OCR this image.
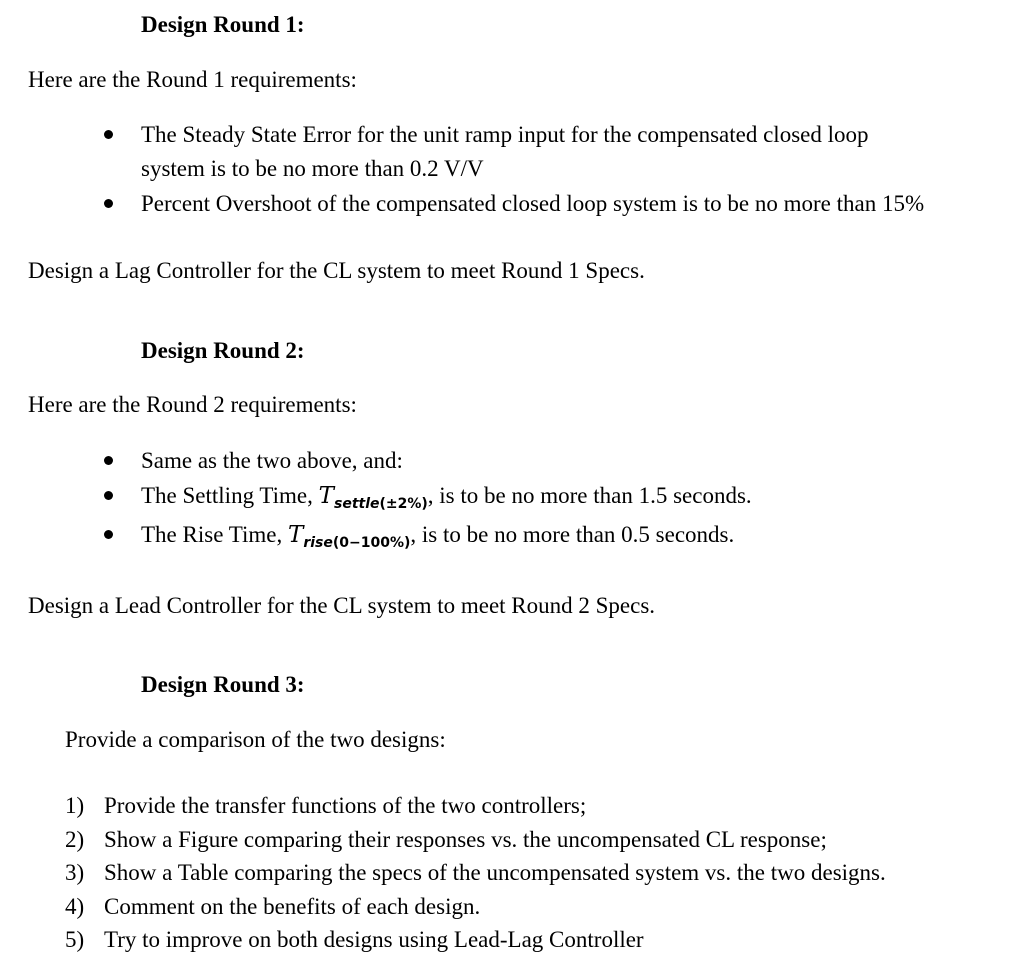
Design Round 1:
Here are the Round 1 requirements:
The Steady State Error for the unit ramp input for the compensated closed loop
system is to be no more than 0.2 V/V
Percent Overshoot of the compensated closed loop system is to be no more than 15%
Design a Lag Controller for the CL system to meet Round 1 Specs.
Design Round 2:
Here are the Round 2 requirements:
Same as the two above, and:
The Settling Time, $T_{settle(\pm 2\%)}$, is to be no more than 1.5 seconds.
The Rise Time, $T_{rise(0-100\%)}$, is to be no more than 0.5 seconds.
Design a Lead Controller for the CL system to meet Round 2 Specs.
Design Round 3:
Provide a comparison of the two designs:
1) Provide the transfer functions of the two controllers;
2) Show a Figure comparing their responses vs. the uncompensated CL response;
3) Show a Table comparing the specs of the uncompensated system vs. the two designs.
4) Comment on the benefits of each design.
5) Try to improve on both designs using Lead-Lag Controller
